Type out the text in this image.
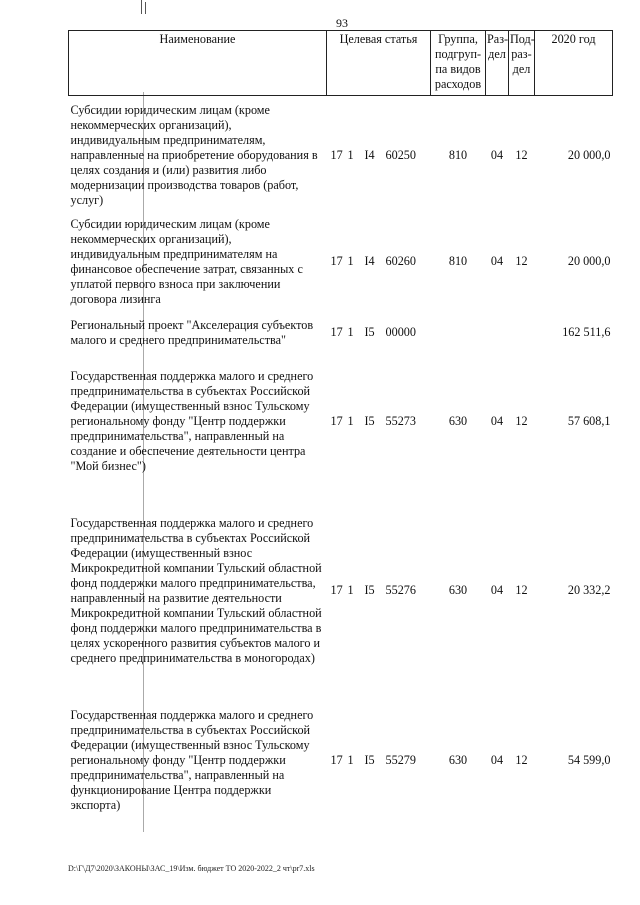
93
Наименование	Целевая статья	Группа, подгруп-па видов расходов	Раз-дел	Под-раз-дел	2020 год
Субсидии юридическим лицам (кроме некоммерческих организаций), индивидуальным предпринимателям, направленные на приобретение оборудования в целях создания и (или) развития либо модернизации производства товаров (работ, услуг)	17 1 I4 60250	810	04	12	20 000,0
Субсидии юридическим лицам (кроме некоммерческих организаций), индивидуальным предпринимателям на финансовое обеспечение затрат, связанных с уплатой первого взноса при заключении договора лизинга	17 1 I4 60260	810	04	12	20 000,0
Региональный проект "Акселерация субъектов малого и среднего предпринимательства"	17 1 I5 00000				162 511,6
Государственная поддержка малого и среднего предпринимательства в субъектах Российской Федерации (имущественный взнос Тульскому региональному фонду "Центр поддержки предпринимательства", направленный на создание и обеспечение деятельности центра "Мой бизнес")	17 1 I5 55273	630	04	12	57 608,1
Государственная поддержка малого и среднего предпринимательства в субъектах Российской Федерации (имущественный взнос Микрокредитной компании Тульский областной фонд поддержки малого предпринимательства, направленный на развитие деятельности Микрокредитной компании Тульский областной фонд поддержки малого предпринимательства в целях ускоренного развития субъектов малого и среднего предпринимательства в моногородах)	17 1 I5 55276	630	04	12	20 332,2
Государственная поддержка малого и среднего предпринимательства в субъектах Российской Федерации (имущественный взнос Тульскому региональному фонду "Центр поддержки предпринимательства", направленный на функционирование Центра поддержки экспорта)	17 1 I5 55279	630	04	12	54 599,0
D:\Г\Д7\2020\ЗАКОНЫ\ЗАС_19\Изм. бюджет ТО 2020-2022_2 чт\pr7.xls
